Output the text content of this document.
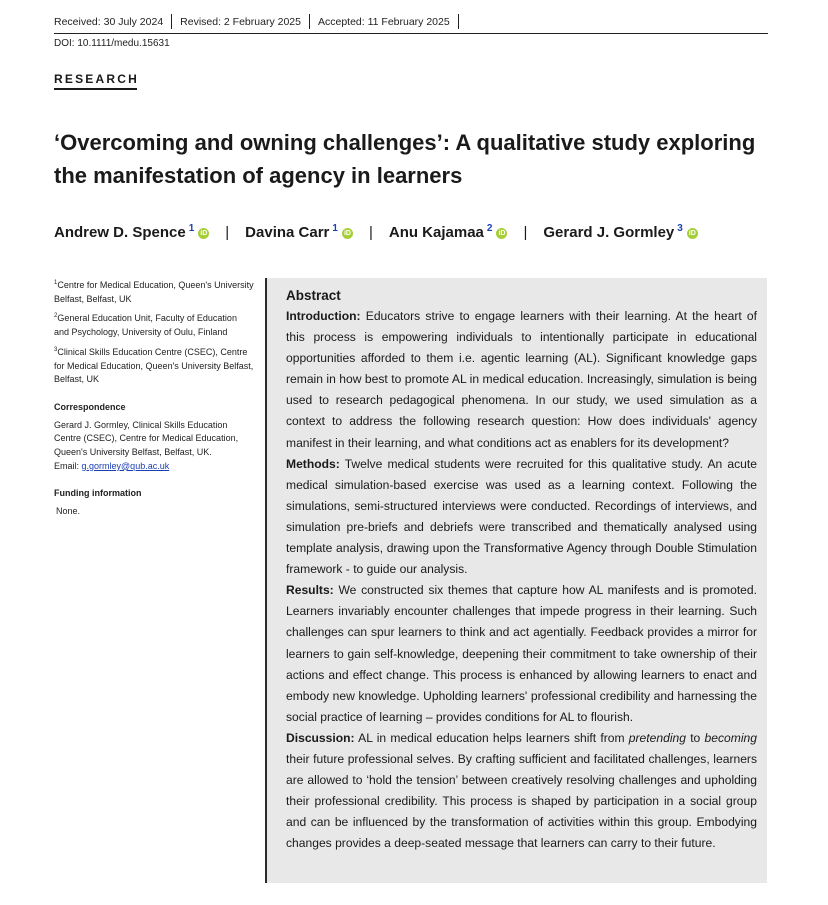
Received: 30 July 2024 Revised: 2 February 2025 Accepted: 11 February 2025
DOI: 10.1111/medu.15631
RESEARCH
‘Overcoming and owning challenges’: A qualitative study exploring the manifestation of agency in learners
Andrew D. Spence $^1$ iD | Davina Carr $^1$ iD | Anu Kajamaa $^2$ iD | Gerard J. Gormley $^3$ iD

$^1$Centre for Medical Education, Queen's University Belfast, Belfast, UK

$^2$General Education Unit, Faculty of Education and Psychology, University of Oulu, Finland

$^3$Clinical Skills Education Centre (CSEC), Centre for Medical Education, Queen's University Belfast, Belfast, UK

Correspondence

Gerard J. Gormley, Clinical Skills Education Centre (CSEC), Centre for Medical Education, Queen's University Belfast, Belfast, UK.
Email: g.gormley@qub.ac.uk

Funding information

None.

Abstract

Introduction: Educators strive to engage learners with their learning. At the heart of this process is empowering individuals to intentionally participate in educational opportunities afforded to them i.e. agentic learning (AL). Significant knowledge gaps remain in how best to promote AL in medical education. Increasingly, simulation is being used to research pedagogical phenomena. In our study, we used simulation as a context to address the following research question: How does individuals' agency manifest in their learning, and what conditions act as enablers for its development?

Methods: Twelve medical students were recruited for this qualitative study. An acute medical simulation-based exercise was used as a learning context. Following the simulations, semi-structured interviews were conducted. Recordings of interviews, and simulation pre-briefs and debriefs were transcribed and thematically analysed using template analysis, drawing upon the Transformative Agency through Double Stimulation framework - to guide our analysis.

Results: We constructed six themes that capture how AL manifests and is promoted. Learners invariably encounter challenges that impede progress in their learning. Such challenges can spur learners to think and act agentially. Feedback provides a mirror for learners to gain self-knowledge, deepening their commitment to take ownership of their actions and effect change. This process is enhanced by allowing learners to enact and embody new knowledge. Upholding learners' professional credibility and harnessing the social practice of learning – provides conditions for AL to flourish.

Discussion: AL in medical education helps learners shift from pretending to becoming their future professional selves. By crafting sufficient and facilitated challenges, learners are allowed to ‘hold the tension’ between creatively resolving challenges and upholding their professional credibility. This process is shaped by participation in a social group and can be influenced by the transformation of activities within this group. Embodying changes provides a deep-seated message that learners can carry to their future.
